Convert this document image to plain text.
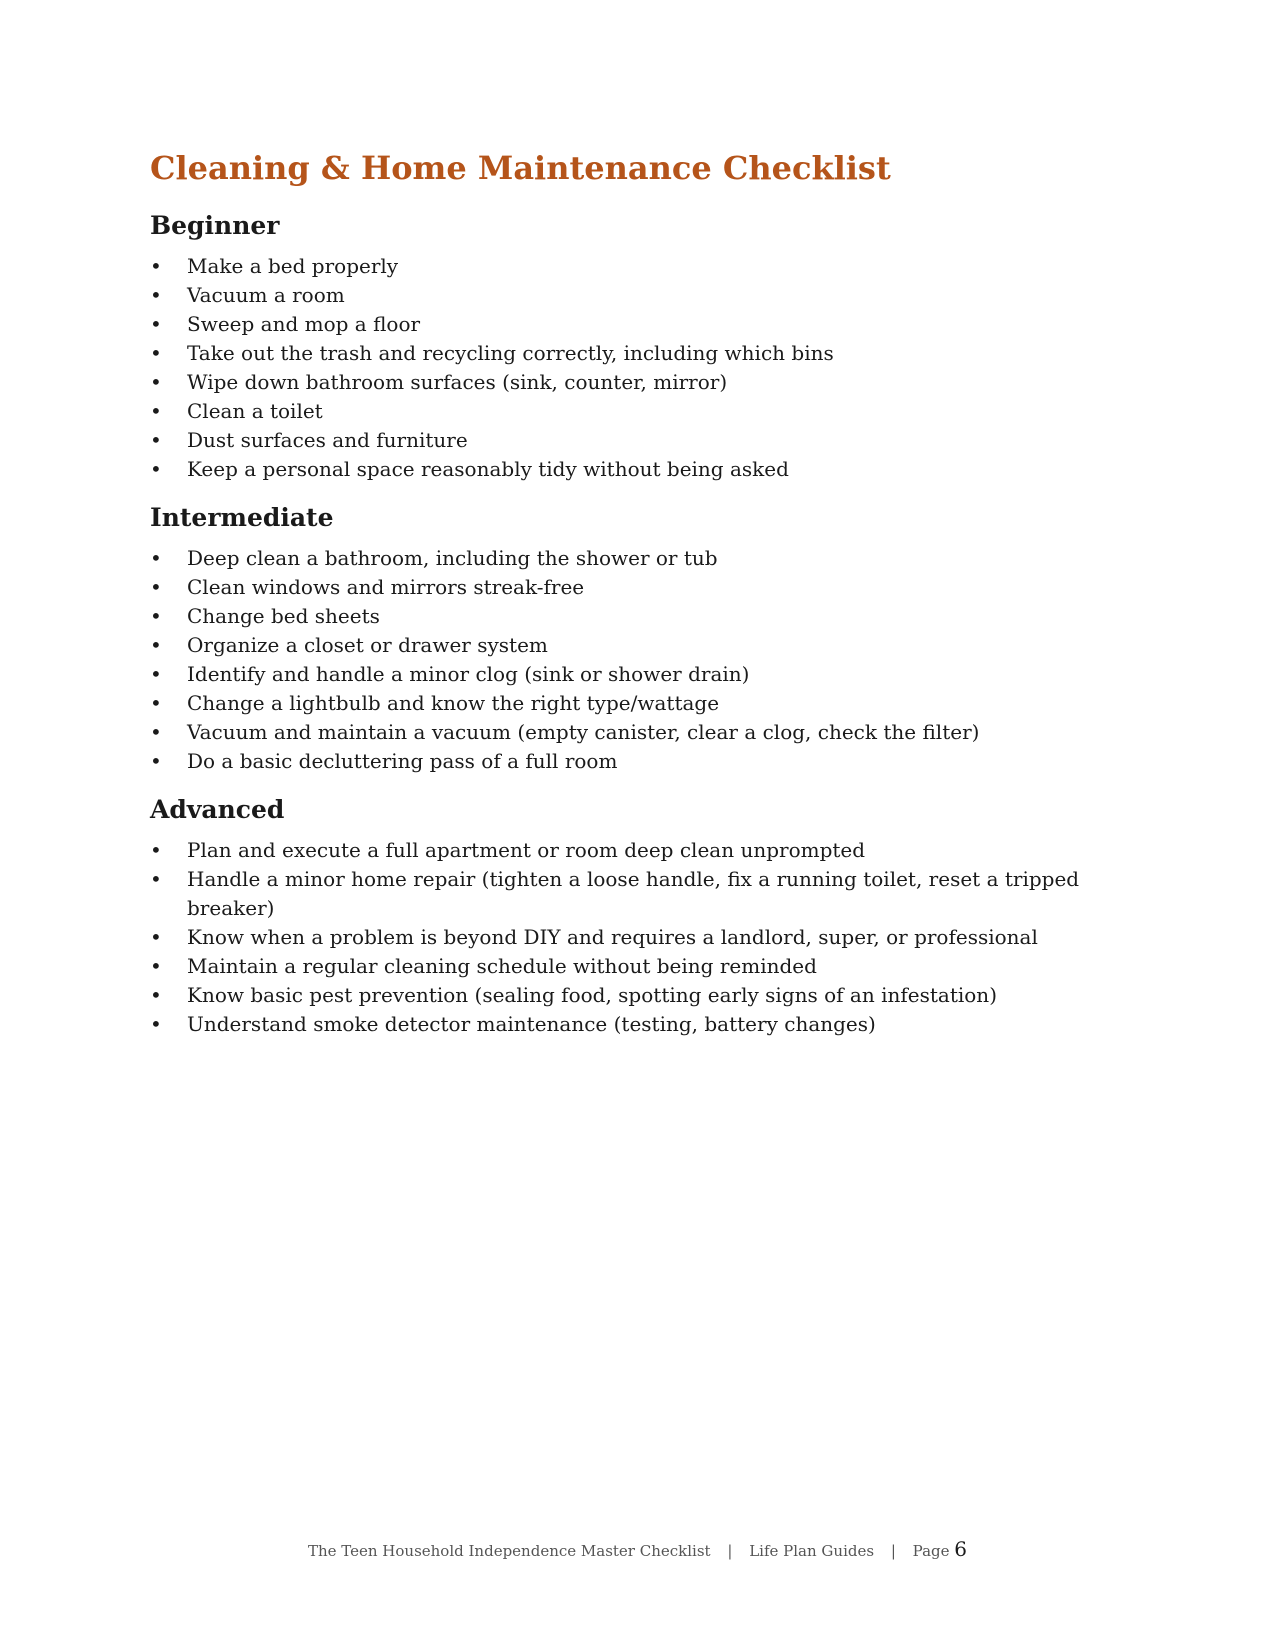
Cleaning & Home Maintenance Checklist
Beginner
•	Make a bed properly
•	Vacuum a room
•	Sweep and mop a floor
•	Take out the trash and recycling correctly, including which bins
•	Wipe down bathroom surfaces (sink, counter, mirror)
•	Clean a toilet
•	Dust surfaces and furniture
•	Keep a personal space reasonably tidy without being asked
Intermediate
•	Deep clean a bathroom, including the shower or tub
•	Clean windows and mirrors streak-free
•	Change bed sheets
•	Organize a closet or drawer system
•	Identify and handle a minor clog (sink or shower drain)
•	Change a lightbulb and know the right type/wattage
•	Vacuum and maintain a vacuum (empty canister, clear a clog, check the filter)
•	Do a basic decluttering pass of a full room
Advanced
•	Plan and execute a full apartment or room deep clean unprompted
•	Handle a minor home repair (tighten a loose handle, fix a running toilet, reset a tripped breaker)
•	Know when a problem is beyond DIY and requires a landlord, super, or professional
•	Maintain a regular cleaning schedule without being reminded
•	Know basic pest prevention (sealing food, spotting early signs of an infestation)
•	Understand smoke detector maintenance (testing, battery changes)
The Teen Household Independence Master Checklist | Life Plan Guides | Page 6
